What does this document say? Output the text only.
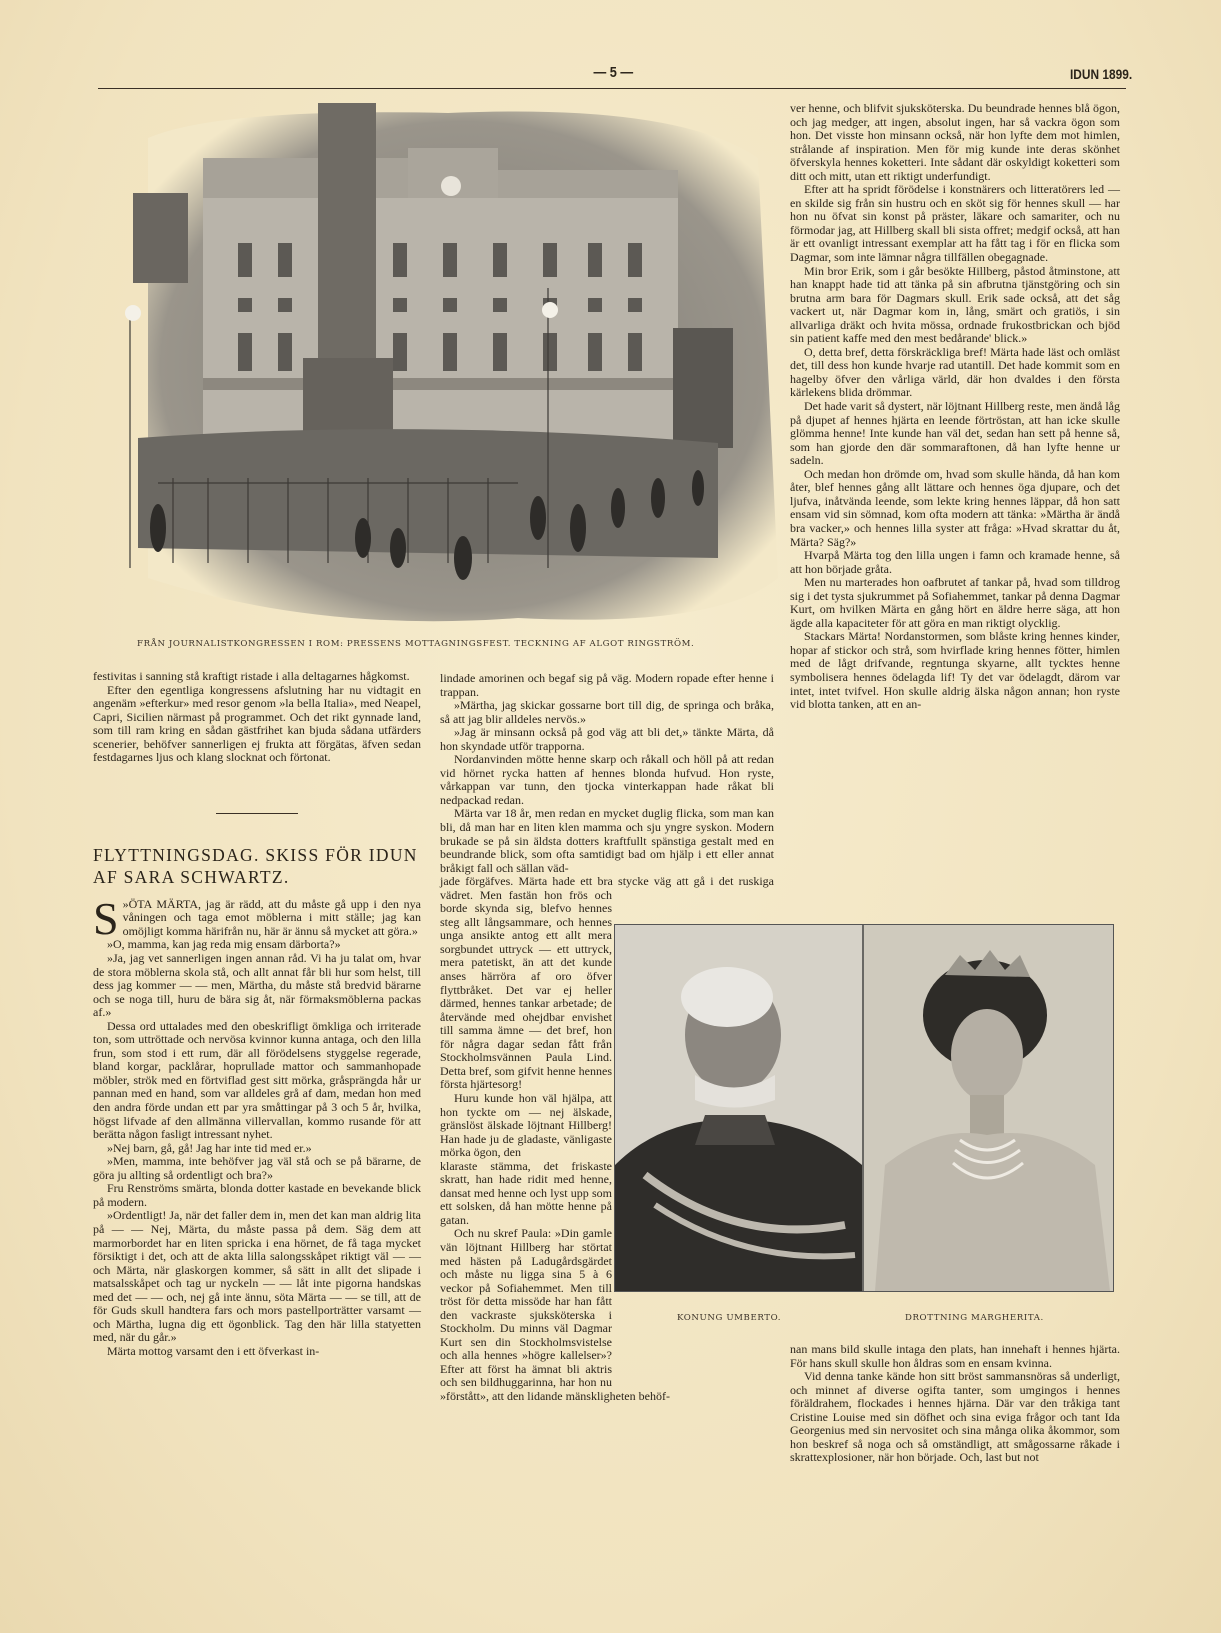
— 5 —	IDUN 1899.
FRÅN JOURNALISTKONGRESSEN I ROM: PRESSENS MOTTAGNINGSFEST. TECKNING AF ALGOT RINGSTRÖM.

ver henne, och blifvit sjuksköterska. Du beundrade hennes blå ögon, och jag medger, att ingen, absolut ingen, har så vackra ögon som hon. Det visste hon minsann också, när hon lyfte dem mot himlen, strålande af inspiration. Men för mig kunde inte deras skönhet öfverskyla hennes koketteri. Inte sådant där oskyldigt koketteri som ditt och mitt, utan ett riktigt underfundigt.

Efter att ha spridt förödelse i konstnärers och litteratörers led — en skilde sig från sin hustru och en sköt sig för hennes skull — har hon nu öfvat sin konst på präster, läkare och samariter, och nu förmodar jag, att Hillberg skall bli sista offret; medgif också, att han är ett ovanligt intressant exemplar att ha fått tag i för en flicka som Dagmar, som inte lämnar några tillfällen obegagnade.

Min bror Erik, som i går besökte Hillberg, påstod åtminstone, att han knappt hade tid att tänka på sin afbrutna tjänstgöring och sin brutna arm bara för Dagmars skull. Erik sade också, att det såg vackert ut, när Dagmar kom in, lång, smärt och gratiös, i sin allvarliga dräkt och hvita mössa, ordnade frukostbrickan och bjöd sin patient kaffe med den mest bedårande' blick.»

O, detta bref, detta förskräckliga bref! Märta hade läst och omläst det, till dess hon kunde hvarje rad utantill. Det hade kommit som en hagelby öfver den vårliga värld, där hon dvaldes i den första kärlekens blida drömmar.

Det hade varit så dystert, när löjtnant Hillberg reste, men ändå låg på djupet af hennes hjärta en leende förtröstan, att han icke skulle glömma henne! Inte kunde han väl det, sedan han sett på henne så, som han gjorde den där sommaraftonen, då han lyfte henne ur sadeln.

Och medan hon drömde om, hvad som skulle hända, då han kom åter, blef hennes gång allt lättare och hennes öga djupare, och det ljufva, inåtvända leende, som lekte kring hennes läppar, då hon satt ensam vid sin sömnad, kom ofta modern att tänka: »Märtha är ändå bra vacker,» och hennes lilla syster att fråga: »Hvad skrattar du åt, Märta? Säg?»

Hvarpå Märta tog den lilla ungen i famn och kramade henne, så att hon började gråta.

Men nu marterades hon oafbrutet af tankar på, hvad som tilldrog sig i det tysta sjukrummet på Sofiahemmet, tankar på denna Dagmar Kurt, om hvilken Märta en gång hört en äldre herre säga, att hon ägde alla kapaciteter för att göra en man riktigt olycklig.

Stackars Märta! Nordanstormen, som blåste kring hennes kinder, hopar af stickor och strå, som hvirflade kring hennes fötter, himlen med de lågt drifvande, regntunga skyarne, allt tycktes henne symbolisera hennes ödelagda lif! Ty det var ödelagdt, därom var intet, intet tvifvel. Hon skulle aldrig älska någon annan; hon ryste vid blotta tanken, att en an-

festivitas i sanning stå kraftigt ristade i alla deltagarnes hågkomst.

Efter den egentliga kongressens afslutning har nu vidtagit en angenäm »efterkur» med resor genom »la bella Italia», med Neapel, Capri, Sicilien närmast på programmet. Och det rikt gynnade land, som till ram kring en sådan gästfrihet kan bjuda sådana utfärders scenerier, behöfver sannerligen ej frukta att förgätas, äfven sedan festdagarnes ljus och klang slocknat och förtonat.

FLYTTNINGSDAG. SKISS FÖR IDUN AF SARA SCHWARTZ.

»
S ÖTA MÄRTA, jag är rädd, att du måste gå upp i den nya våningen och taga emot möblerna i mitt ställe; jag kan omöjligt komma härifrån nu, här är ännu så mycket att göra.»

»O, mamma, kan jag reda mig ensam därborta?»

»Ja, jag vet sannerligen ingen annan råd. Vi ha ju talat om, hvar de stora möblerna skola stå, och allt annat får bli hur som helst, till dess jag kommer — — men, Märtha, du måste stå bredvid bärarne och se noga till, huru de bära sig åt, när förmaksmöblerna packas af.»

Dessa ord uttalades med den obeskrifligt ömkliga och irriterade ton, som uttröttade och nervösa kvinnor kunna antaga, och den lilla frun, som stod i ett rum, där all förödelsens styggelse regerade, bland korgar, packlårar, hoprullade mattor och sammanhopade möbler, strök med en förtviflad gest sitt mörka, gråsprängda hår ur pannan med en hand, som var alldeles grå af dam, medan hon med den andra förde undan ett par yra småttingar på 3 och 5 år, hvilka, högst lifvade af den allmänna villervallan, kommo rusande för att berätta någon fasligt intressant nyhet.

»Nej barn, gå, gå! Jag har inte tid med er.»

»Men, mamma, inte behöfver jag väl stå och se på bärarne, de göra ju allting så ordentligt och bra?»

Fru Renströms smärta, blonda dotter kastade en bevekande blick på modern.

»Ordentligt! Ja, när det faller dem in, men det kan man aldrig lita på — — Nej, Märta, du måste passa på dem. Säg dem att marmorbordet har en liten spricka i ena hörnet, de få taga mycket försiktigt i det, och att de akta lilla salongsskåpet riktigt väl — — och Märta, när glaskorgen kommer, så sätt in allt det slipade i matsalsskåpet och tag ur nyckeln — — låt inte pigorna handskas med det — — och, nej gå inte ännu, söta Märta — — se till, att de för Guds skull handtera fars och mors pastellporträtter varsamt — och Märtha, lugna dig ett ögonblick. Tag den här lilla statyetten med, när du går.»

Märta mottog varsamt den i ett öfverkast in-

lindade amorinen och begaf sig på väg. Modern ropade efter henne i trappan.

»Märtha, jag skickar gossarne bort till dig, de springa och bråka, så att jag blir alldeles nervös.»

»Jag är minsann också på god väg att bli det,» tänkte Märta, då hon skyndade utför trapporna.

Nordanvinden mötte henne skarp och råkall och höll på att redan vid hörnet rycka hatten af hennes blonda hufvud. Hon ryste, vårkappan var tunn, den tjocka vinterkappan hade råkat bli nedpackad redan.

Märta var 18 år, men redan en mycket duglig flicka, som man kan bli, då man har en liten klen mamma och sju yngre syskon. Modern brukade se på sin äldsta dotters kraftfullt spänstiga gestalt med en beundrande blick, som ofta samtidigt bad om hjälp i ett eller annat bråkigt fall och sällan väd-

jade förgäfves. Märta hade ett bra stycke väg att gå i det ruskiga vädret. Men fastän hon frös och borde skynda sig, blefvo hennes steg allt långsammare, och hennes unga ansikte antog ett allt mera sorgbundet uttryck — ett uttryck, mera patetiskt, än att det kunde anses härröra af oro öfver flyttbråket. Det var ej heller därmed, hennes tankar arbetade; de återvände med ohejdbar envishet till samma ämne — det bref, hon för några dagar sedan fått från Stockholmsvännen Paula Lind. Detta bref, som gifvit henne hennes första hjärtesorg!

Huru kunde hon väl hjälpa, att hon tyckte om — nej älskade, gränslöst älskade löjtnant Hillberg! Han hade ju de gladaste, vänligaste mörka ögon, den

klaraste stämma, det friskaste skratt, han hade ridit med henne, dansat med henne och lyst upp som ett solsken, då han mötte henne på gatan.

Och nu skref Paula: »Din gamle vän löjtnant Hillberg har störtat med hästen på Ladugårdsgärdet och måste nu ligga sina 5 à 6 veckor på Sofiahemmet. Men till tröst för detta missöde har han fått den vackraste sjuksköterska i Stockholm. Du minns väl Dagmar Kurt sen din Stockholmsvistelse och alla hennes »högre kallelser»? Efter att först ha ämnat bli aktris och sen bildhuggarinna, har hon nu »förstått», att den lidande mänskligheten behöf-

KONUNG UMBERTO.	DROTTNING MARGHERITA.

nan mans bild skulle intaga den plats, han innehaft i hennes hjärta. För hans skull skulle hon åldras som en ensam kvinna.

Vid denna tanke kände hon sitt bröst sammansnöras så underligt, och minnet af diverse ogifta tanter, som umgingos i hennes föräldrahem, flockades i hennes hjärna. Där var den tråkiga tant Cristine Louise med sin döfhet och sina eviga frågor och tant Ida Georgenius med sin nervositet och sina många olika åkommor, som hon beskref så noga och så omständligt, att smågossarne råkade i skrattexplosioner, när hon började. Och, last but not
